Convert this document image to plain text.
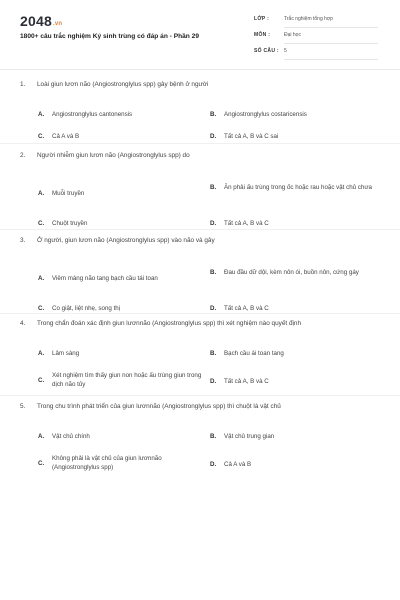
2048.vn
1800+ câu trắc nghiệm Ký sinh trùng có đáp án - Phần 29
LỚP :	Trắc nghiệm tổng hợp
MÔN :	Đại học
SỐ CÂU : 5
1.	Loài giun lươn não (Angiostronglylus spp) gây bệnh ở người
A.	Angiostronglylus cantonensis	B.	Angiostronglylus costaricensis
C.	Cả A và B	D.	Tất cả A, B và C sai
2.	Người nhiễm giun lươn não (Angiostronglylus spp) do
A.	Muỗi truyền
B.	Ăn phải ấu trùng trong ốc hoặc rau hoặc vật chủ chưa
C.	Chuột truyền	D.	Tất cả A, B và C
3.	Ở người, giun lươn não (Angiostronglylus spp) vào não và gây
A.	Viêm màng não tang bạch cầu tái toan
B.	Đau đầu dữ dội, kèm nôn ói, buồn nôn, cứng gáy
C.	Co giật, liệt nhẹ, song thị	D.	Tất cả A, B và C
4.	Trong chẩn đoán xác định giun lươnnão (Angiostronglylus spp) thì xét nghiệm nào quyết định
A.	Lâm sàng	B.	Bạch cầu ái toan tang
C.
Xét nghiệm tìm thấy giun non hoặc ấu trùng giun trong dịch não tủy	D.	Tất cả A, B và C
5.	Trong chu trình phát triển của giun lươnnão (Angiostronglylus spp) thì chuột là vật chủ
A.	Vật chủ chính	B.	Vật chủ trung gian
C.
Không phải là vật chủ của giun lươnnão (Angiostronglylus spp)	D.	Cả A và B
